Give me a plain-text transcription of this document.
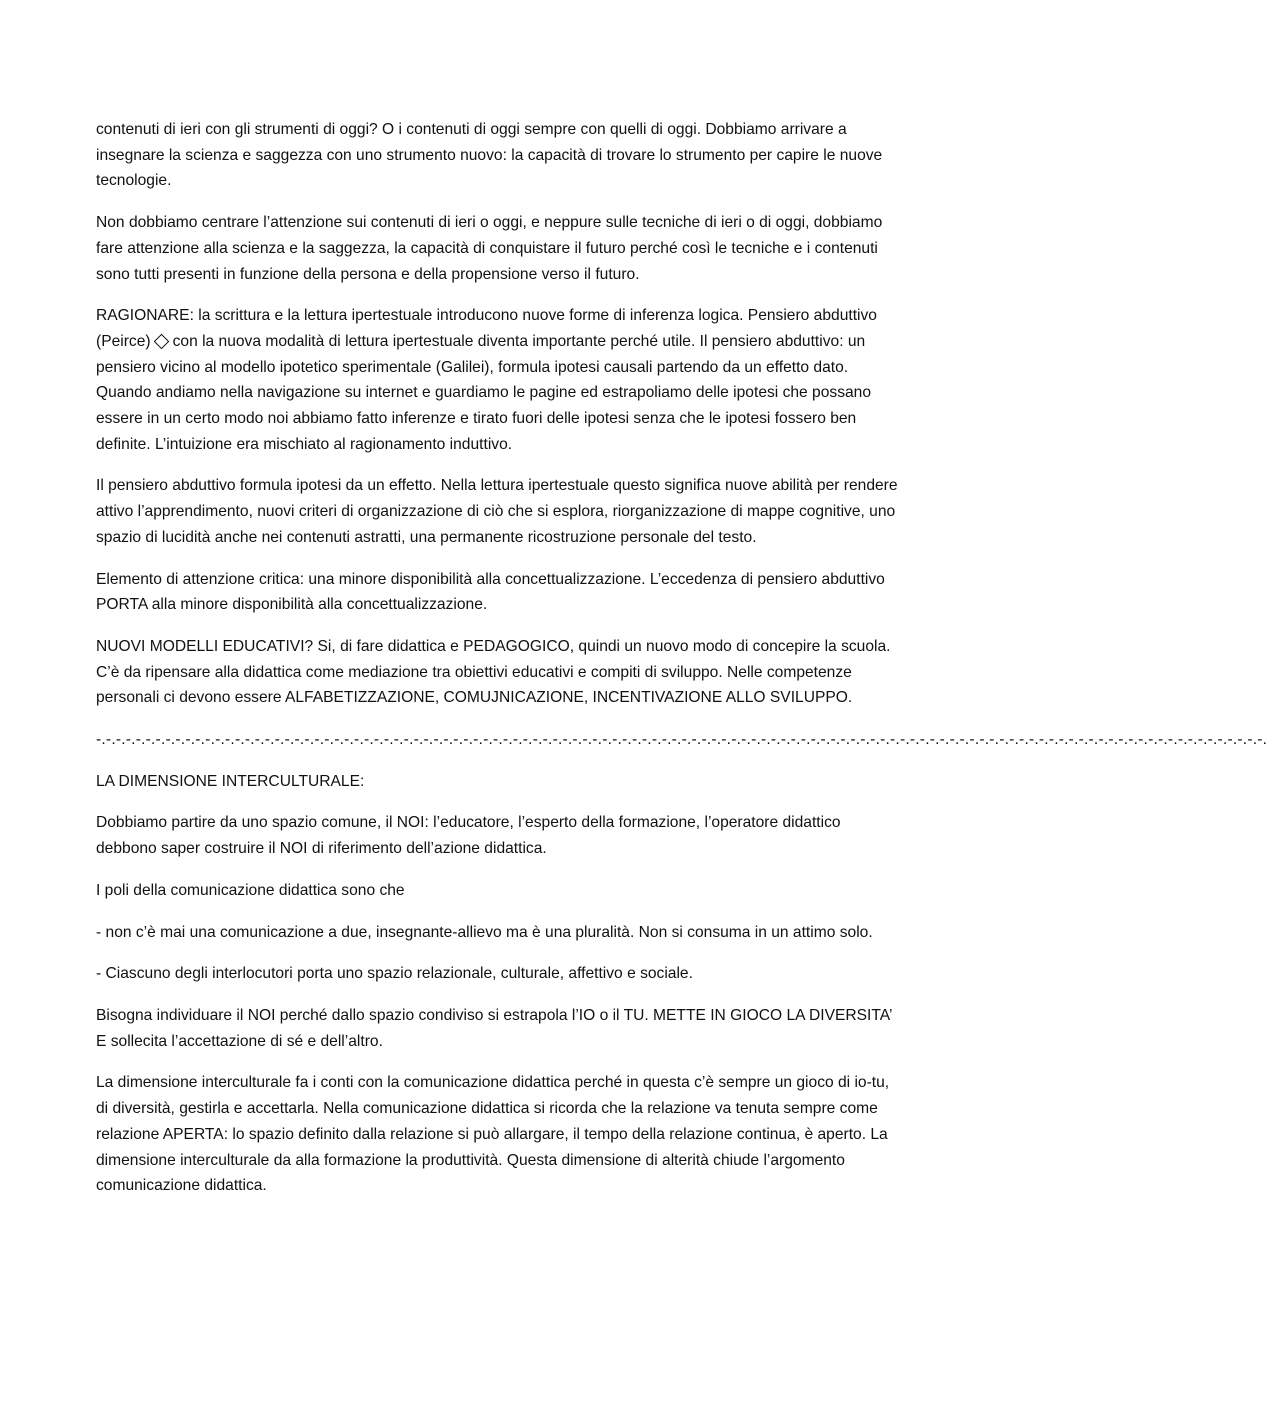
contenuti di ieri con gli strumenti di oggi? O i contenuti di oggi sempre con quelli di oggi. Dobbiamo arrivare a insegnare la scienza e saggezza con uno strumento nuovo: la capacità di trovare lo strumento per capire le nuove tecnologie.

Non dobbiamo centrare l’attenzione sui contenuti di ieri o oggi, e neppure sulle tecniche di ieri o di oggi, dobbiamo fare attenzione alla scienza e la saggezza, la capacità di conquistare il futuro perché così le tecniche e i contenuti sono tutti presenti in funzione della persona e della propensione verso il futuro.

RAGIONARE: la scrittura e la lettura ipertestuale introducono nuove forme di inferenza logica. Pensiero abduttivo (Peirce) con la nuova modalità di lettura ipertestuale diventa importante perché utile. Il pensiero abduttivo: un pensiero vicino al modello ipotetico sperimentale (Galilei), formula ipotesi causali partendo da un effetto dato. Quando andiamo nella navigazione su internet e guardiamo le pagine ed estrapoliamo delle ipotesi che possano essere in un certo modo noi abbiamo fatto inferenze e tirato fuori delle ipotesi senza che le ipotesi fossero ben definite. L’intuizione era mischiato al ragionamento induttivo.

Il pensiero abduttivo formula ipotesi da un effetto. Nella lettura ipertestuale questo significa nuove abilità per rendere attivo l’apprendimento, nuovi criteri di organizzazione di ciò che si esplora, riorganizzazione di mappe cognitive, uno spazio di lucidità anche nei contenuti astratti, una permanente ricostruzione personale del testo.

Elemento di attenzione critica: una minore disponibilità alla concettualizzazione. L’eccedenza di pensiero abduttivo PORTA alla minore disponibilità alla concettualizzazione.

NUOVI MODELLI EDUCATIVI? Si, di fare didattica e PEDAGOGICO, quindi un nuovo modo di concepire la scuola. C’è da ripensare alla didattica come mediazione tra obiettivi educativi e compiti di sviluppo. Nelle competenze personali ci devono essere ALFABETIZZAZIONE, COMUJNICAZIONE, INCENTIVAZIONE ALLO SVILUPPO.

-.-.-.-.-.-.-.-.-.-.-.-.-.-.-.-.-.-.-.-.-.-.-.-.-.-.-.-.-.-.-.-.-.-.-.-.-.-.-.-.-.-.-.-.-.-.-.-.-.-.-.-.-.-.-.-.-.-.-.-.-.-.-.-.-.-.-.-.-.-.-.-.-.-.-.-.-.-.-.-.-.-.-.-.-.-.-.-.-.-.-.-.-.-.-.-.-.-.-.-.-.-.-.-.-.-.-.-.-.-.-.-.-.-.-.-.-.-.

LA DIMENSIONE INTERCULTURALE:

Dobbiamo partire da uno spazio comune, il NOI: l’educatore, l’esperto della formazione, l’operatore didattico debbono saper costruire il NOI di riferimento dell’azione didattica.

I poli della comunicazione didattica sono che

- non c’è mai una comunicazione a due, insegnante-allievo ma è una pluralità. Non si consuma in un attimo solo.

- Ciascuno degli interlocutori porta uno spazio relazionale, culturale, affettivo e sociale.

Bisogna individuare il NOI perché dallo spazio condiviso si estrapola l’IO o il TU. METTE IN GIOCO LA DIVERSITA’ E sollecita l’accettazione di sé e dell’altro.

La dimensione interculturale fa i conti con la comunicazione didattica perché in questa c’è sempre un gioco di io-tu, di diversità, gestirla e accettarla. Nella comunicazione didattica si ricorda che la relazione va tenuta sempre come relazione APERTA: lo spazio definito dalla relazione si può allargare, il tempo della relazione continua, è aperto. La dimensione interculturale da alla formazione la produttività. Questa dimensione di alterità chiude l’argomento comunicazione didattica.
